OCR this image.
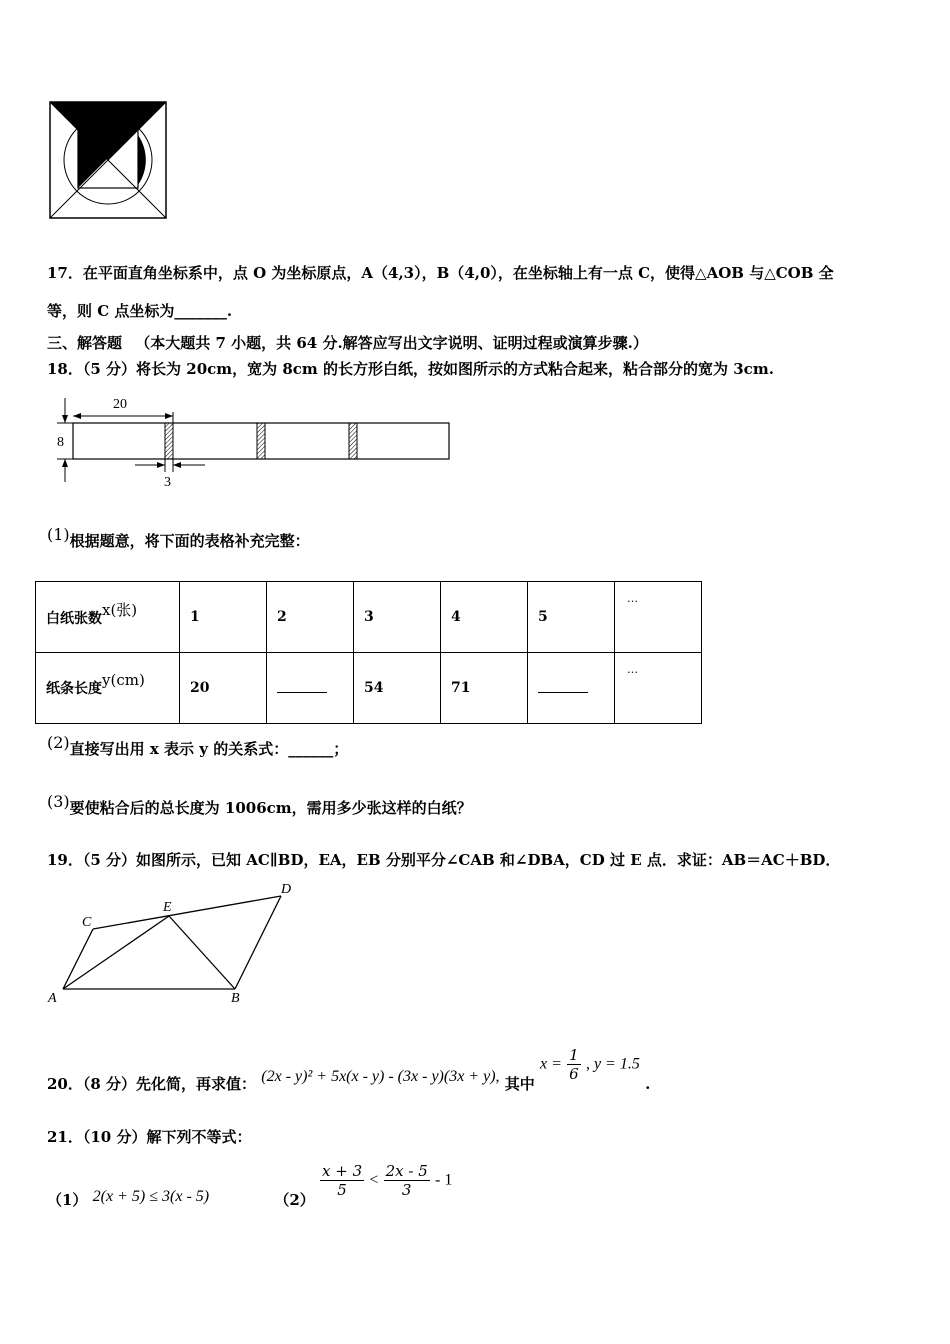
17．在平面直角坐标系中，点 O 为坐标原点，A（4,3），B（4,0），在坐标轴上有一点 C，使得△AOB 与△COB 全
等，则 C 点坐标为_______.
三、解答题 （本大题共 7 小题，共 64 分.解答应写出文字说明、证明过程或演算步骤.）
18．（5 分）将长为 20cm，宽为 8cm 的长方形白纸，按如图所示的方式粘合起来，粘合部分的宽为 3cm.
20
8
3
(1)根据题意，将下面的表格补充完整：
白纸张数x(张)	1	2	3	4	5	…

纸条长度y(cm)	20		54	71		…
(2)直接写出用 x 表示 y 的关系式：______；
(3)要使粘合后的总长度为 1006cm，需用多少张这样的白纸？
19．（5 分）如图所示，已知 AC∥BD，EA，EB 分别平分∠CAB 和∠DBA，CD 过 E 点．求证：AB＝AC＋BD．
A	B
C
D
E
20．（8 分）先化简，再求值： (2x - y)² + 5x(x - y) - (3x - y)(3x + y), 其中 $x = \frac{1}{6}$ , y = 1.5 .
21．（10 分）解下列不等式：
（1） 2(x + 5) ≤ 3(x - 5)	（2）
$\frac{x + 3}{5} < \frac{2x - 5}{3} - 1$
